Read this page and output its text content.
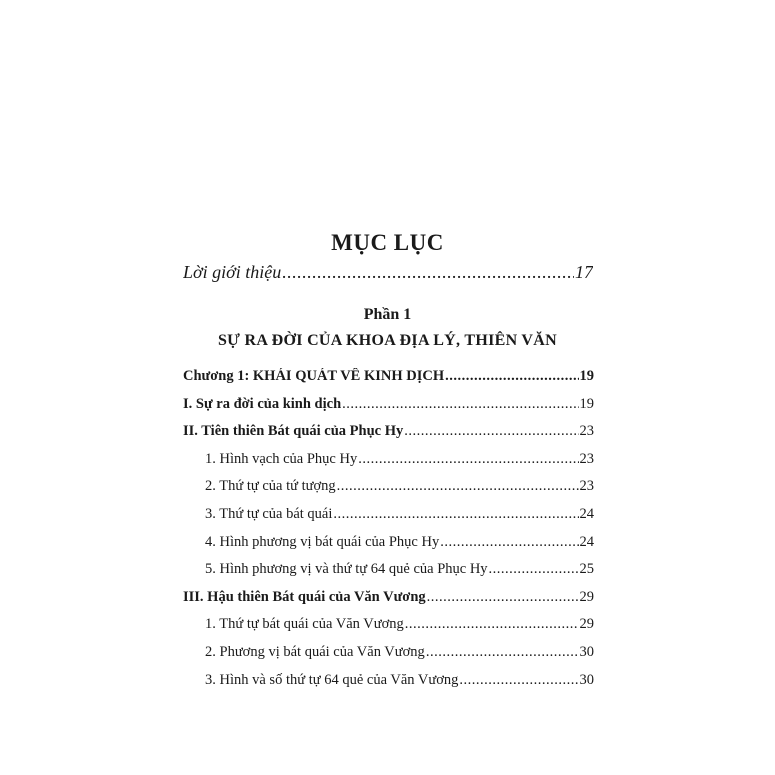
MỤC LỤC
Lời giới thiệu .....	17
Phần 1
SỰ RA ĐỜI CỦA KHOA ĐỊA LÝ, THIÊN VĂN
Chương 1: KHÁI QUÁT VỀ KINH DỊCH .....	19
I. Sự ra đời của kinh dịch .....	19
II. Tiên thiên Bát quái của Phục Hy .....	23
1. Hình vạch của Phục Hy .....	23
2. Thứ tự của tứ tượng .....	23
3. Thứ tự của bát quái .....	24
4. Hình phương vị bát quái của Phục Hy .....	24
5. Hình phương vị và thứ tự 64 quẻ của Phục Hy .....	25
III. Hậu thiên Bát quái của Văn Vương .....	29
1. Thứ tự bát quái của Văn Vương .....	29
2. Phương vị bát quái của Văn Vương .....	30
3. Hình và số thứ tự 64 quẻ của Văn Vương .....	30
